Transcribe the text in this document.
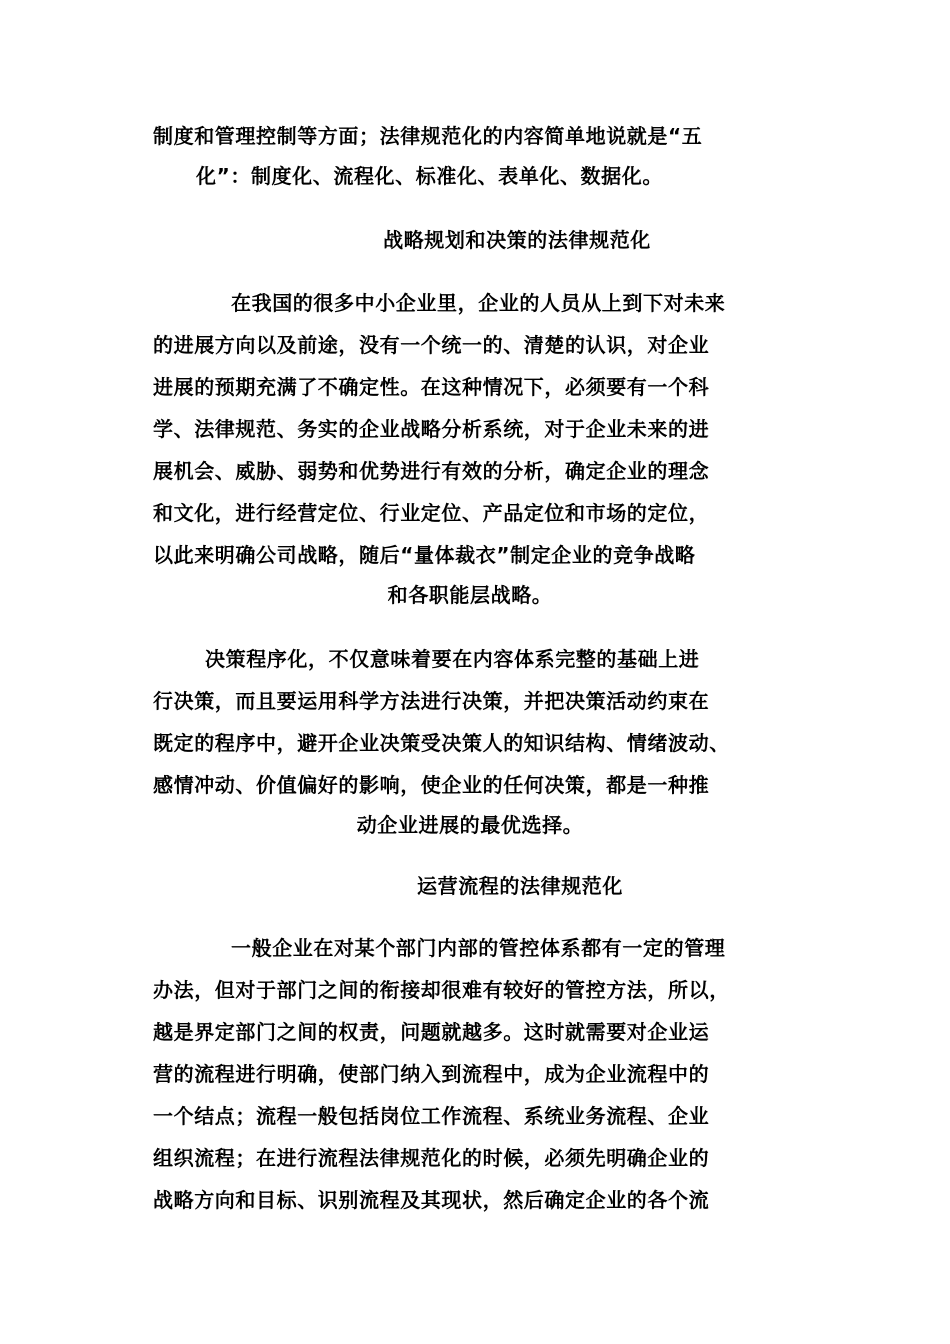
制度和管理控制等方面；法律规范化的内容简单地说就是“五
化”：制度化、流程化、标准化、表单化、数据化。
战略规划和决策的法律规范化
在我国的很多中小企业里，企业的人员从上到下对未来
的进展方向以及前途，没有一个统一的、清楚的认识，对企业
进展的预期充满了不确定性。在这种情况下，必须要有一个科
学、法律规范、务实的企业战略分析系统，对于企业未来的进
展机会、威胁、弱势和优势进行有效的分析，确定企业的理念
和文化，进行经营定位、行业定位、产品定位和市场的定位，
以此来明确公司战略，随后“量体裁衣”制定企业的竞争战略
和各职能层战略。
决策程序化，不仅意味着要在内容体系完整的基础上进
行决策，而且要运用科学方法进行决策，并把决策活动约束在
既定的程序中，避开企业决策受决策人的知识结构、情绪波动、
感情冲动、价值偏好的影响，使企业的任何决策，都是一种推
动企业进展的最优选择。
运营流程的法律规范化
一般企业在对某个部门内部的管控体系都有一定的管理
办法，但对于部门之间的衔接却很难有较好的管控方法，所以，
越是界定部门之间的权责，问题就越多。这时就需要对企业运
营的流程进行明确，使部门纳入到流程中，成为企业流程中的
一个结点；流程一般包括岗位工作流程、系统业务流程、企业
组织流程；在进行流程法律规范化的时候，必须先明确企业的
战略方向和目标、识别流程及其现状，然后确定企业的各个流
